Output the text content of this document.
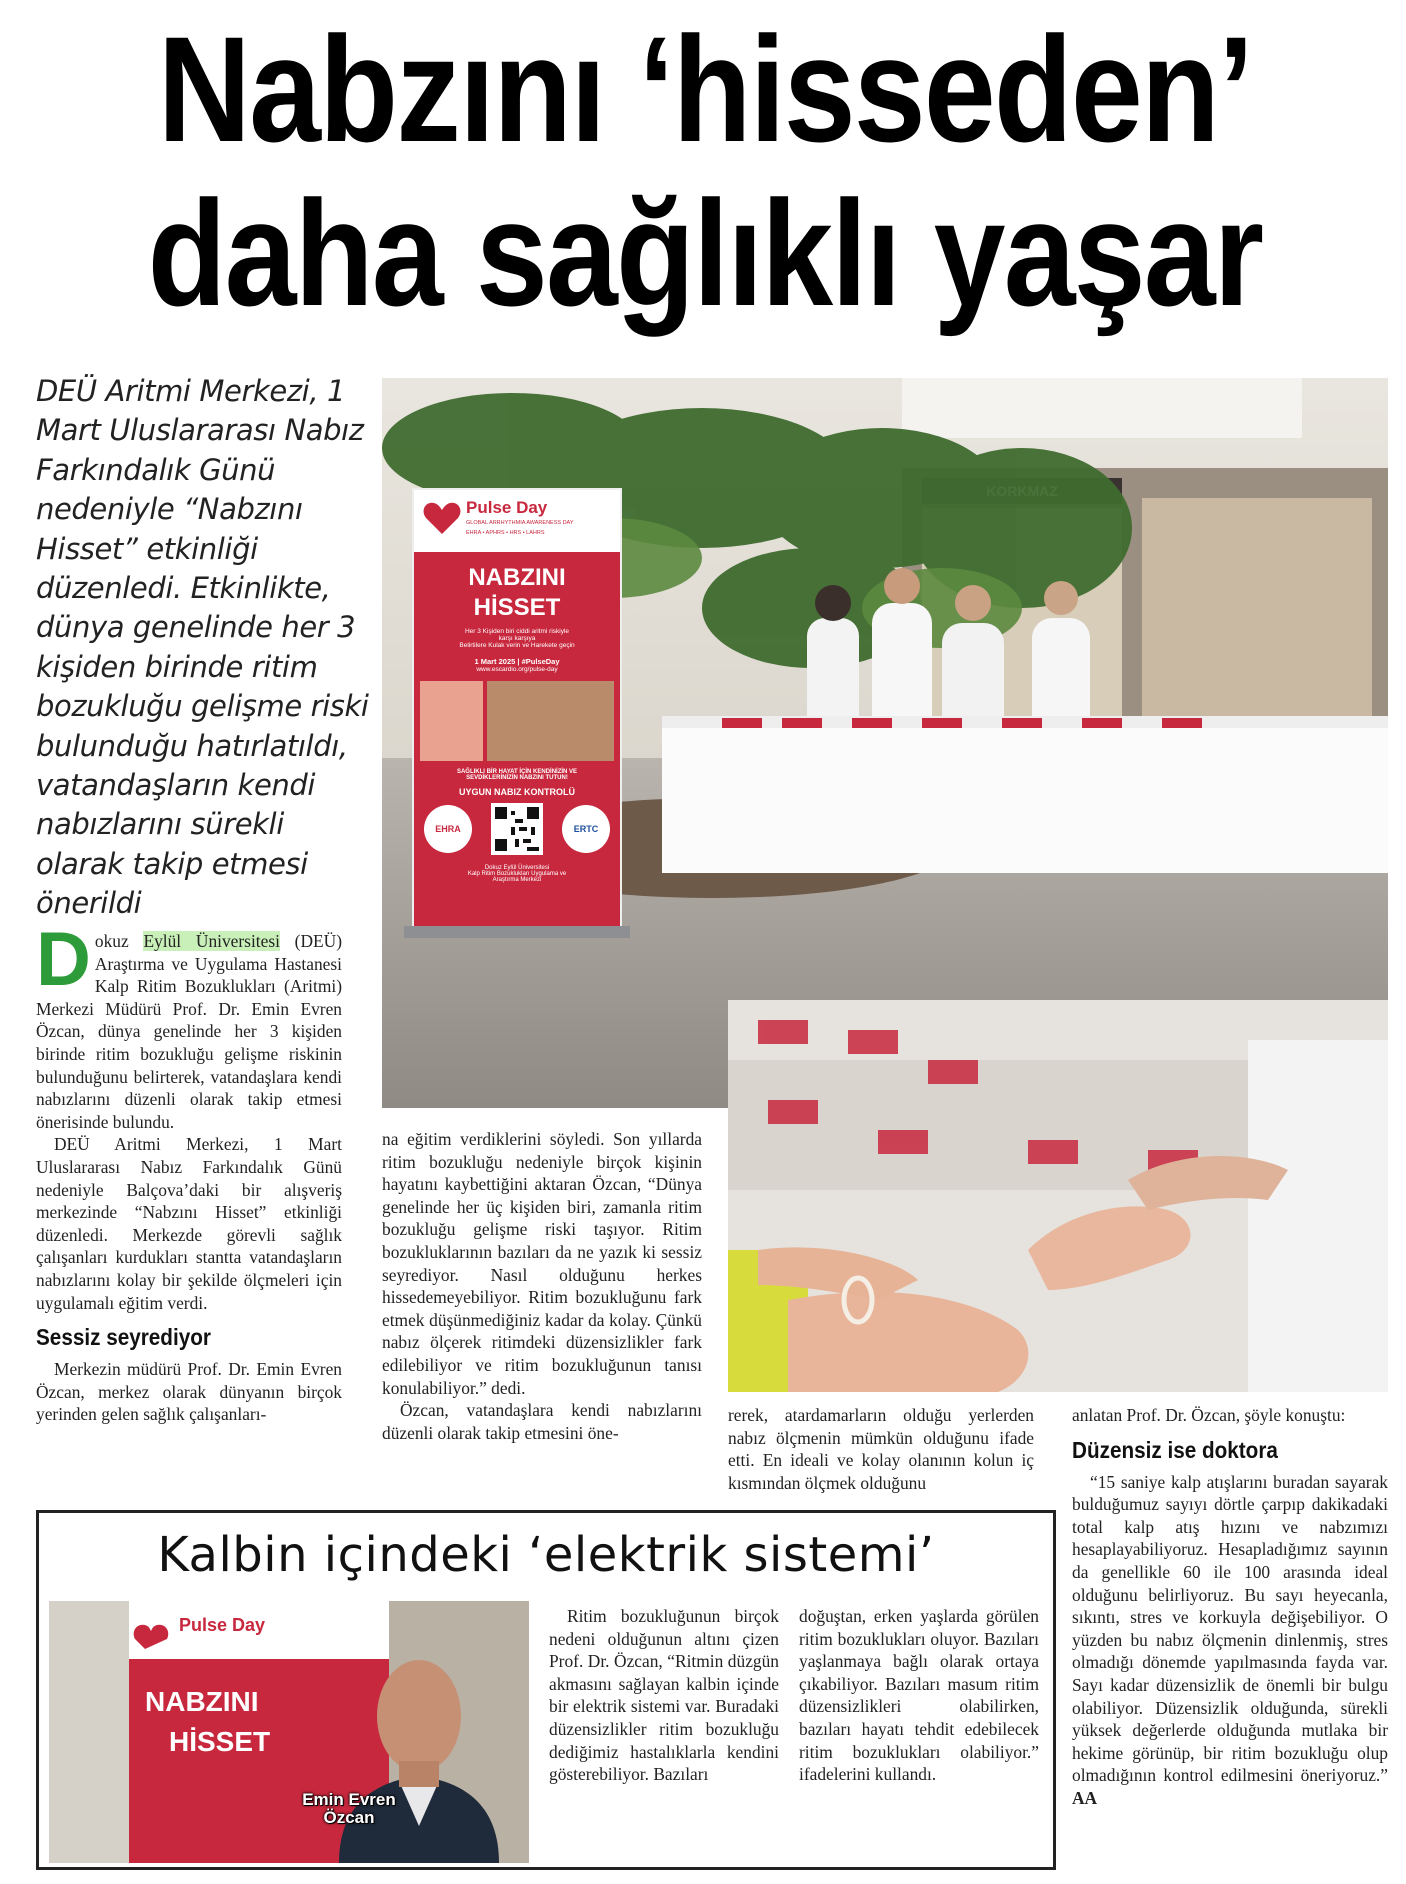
Nabzını ‘hisseden’
daha sağlıklı yaşar
DEÜ Aritmi Merkezi, 1 Mart Uluslararası Nabız Farkındalık Günü nedeniyle “Nabzını Hisset” etkinliği düzenledi. Etkinlikte, dünya genelinde her 3 kişiden birinde ritim bozukluğu gelişme riski bulunduğu hatırlatıldı, vatandaşların kendi nabızlarını sürekli olarak takip etmesi önerildi
Pulse Day
GLOBAL ARRHYTHMIA AWARENESS DAY
EHRA • APHRS • HRS • LAHRS
NABZINI
HİSSET
Her 3 Kişiden biri ciddi aritmi riskiyle
karşı karşıya
Belirtilere Kulak verin ve Harekete geçin
1 Mart 2025 | #PulseDay
www.escardio.org/pulse-day
SAĞLIKLI BİR HAYAT İÇİN KENDİNİZİN VE
SEVDİKLERİNİZİN NABZINI TUTUN!
UYGUN NABIZ KONTROLÜ
EHRA	ERTC
Dokuz Eylül Üniversitesi
Kalp Ritim Bozuklukları Uygulama ve
Araştırma Merkezi

Dokuz Eylül Üniversitesi (DEÜ) Araştırma ve Uygulama Hastanesi Kalp Ritim Bozuklukları (Aritmi) Merkezi Müdürü Prof. Dr. Emin Evren Özcan, dünya genelinde her 3 kişiden birinde ritim bozukluğu gelişme riskinin bulunduğunu belirterek, vatandaşlara kendi nabızlarını düzenli olarak takip etmesi önerisinde bulundu.

DEÜ Aritmi Merkezi, 1 Mart Uluslararası Nabız Farkındalık Günü nedeniyle Balçova’daki bir alışveriş merkezinde “Nabzını Hisset” etkinliği düzenledi. Merkezde görevli sağlık çalışanları kurdukları stantta vatandaşların nabızlarını kolay bir şekilde ölçmeleri için uygulamalı eğitim verdi.

Sessiz seyrediyor

Merkezin müdürü Prof. Dr. Emin Evren Özcan, merkez olarak dünyanın birçok yerinden gelen sağlık çalışanları-

na eğitim verdiklerini söyledi. Son yıllarda ritim bozukluğu nedeniyle birçok kişinin hayatını kaybettiğini aktaran Özcan, “Dünya genelinde her üç kişiden biri, zamanla ritim bozukluğu gelişme riski taşıyor. Ritim bozukluklarının bazıları da ne yazık ki sessiz seyrediyor. Nasıl olduğunu herkes hissedemeyebiliyor. Ritim bozukluğunu fark etmek düşünmediğiniz kadar da kolay. Çünkü nabız ölçerek ritimdeki düzensizlikler fark edilebiliyor ve ritim bozukluğunun tanısı konulabiliyor.” dedi.

Özcan, vatandaşlara kendi nabızlarını düzenli olarak takip etmesini öne-

rerek, atardamarların olduğu yerlerden nabız ölçmenin mümkün olduğunu ifade etti. En ideali ve kolay olanının kolun iç kısmından ölçmek olduğunu

anlatan Prof. Dr. Özcan, şöyle konuştu:

Düzensiz ise doktora

“15 saniye kalp atışlarını buradan sayarak bulduğumuz sayıyı dörtle çarpıp dakikadaki total kalp atış hızını ve nabzımızı hesaplayabiliyoruz. Hesapladığımız sayının da genellikle 60 ile 100 arasında ideal olduğunu belirliyoruz. Bu sayı heyecanla, sıkıntı, stres ve korkuyla değişebiliyor. O yüzden bu nabız ölçmenin dinlenmiş, stres olmadığı dönemde yapılmasında fayda var. Sayı kadar düzensizlik de önemli bir bulgu olabiliyor. Düzensizlik olduğunda, sürekli yüksek değerlerde olduğunda mutlaka bir hekime görünüp, bir ritim bozukluğu olup olmadığının kontrol edilmesini öneriyoruz.” AA

Kalbin içindeki ‘elektrik sistemi’
Pulse Day
NABZINI
HİSSET
Emin Evren
Özcan

Ritim bozukluğunun birçok nedeni olduğunun altını çizen Prof. Dr. Özcan, “Ritmin düzgün akmasını sağlayan kalbin içinde bir elektrik sistemi var. Buradaki düzensizlikler ritim bozukluğu dediğimiz hastalıklarla kendini gösterebiliyor. Bazıları

doğuştan, erken yaşlarda görülen ritim bozuklukları oluyor. Bazıları yaşlanmaya bağlı olarak ortaya çıkabiliyor. Bazıları masum ritim düzensizlikleri olabilirken, bazıları hayatı tehdit edebilecek ritim bozuklukları olabiliyor.” ifadelerini kullandı.
